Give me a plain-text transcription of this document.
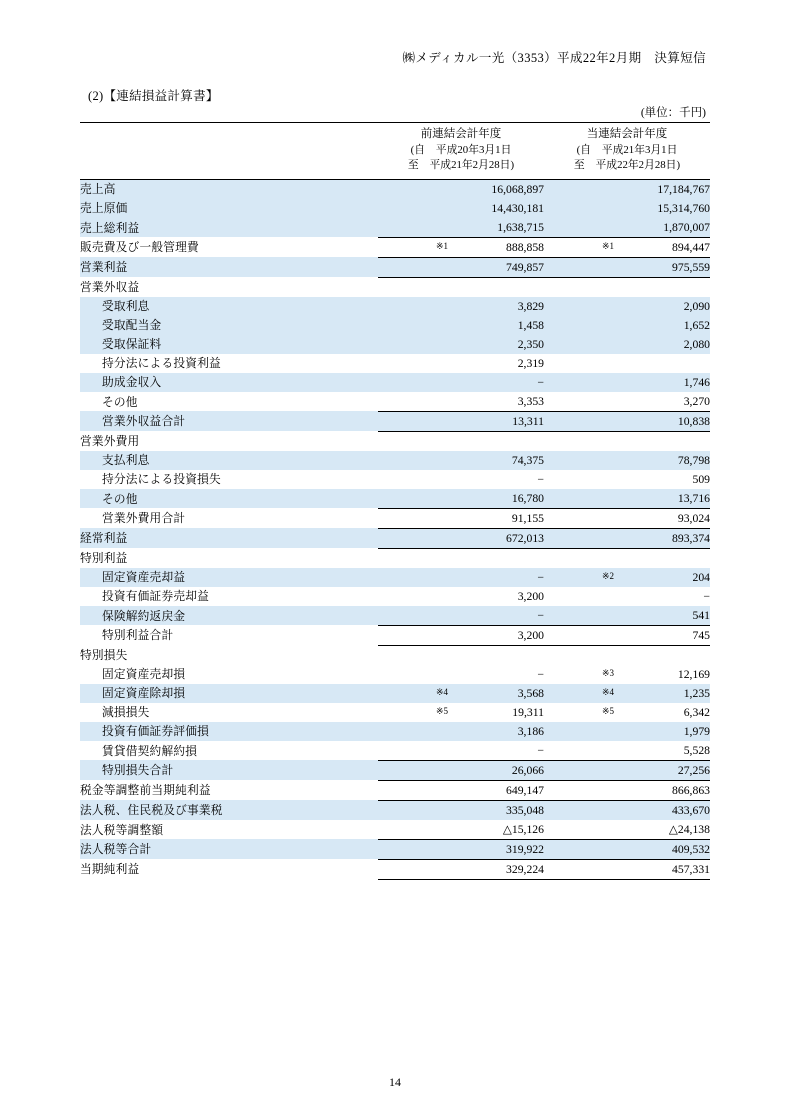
㈱メディカル一光（3353）平成22年2月期　決算短信
(2)【連結損益計算書】
(単位：千円)

	前連結会計年度
(自　平成20年3月1日
至　平成21年2月28日)	当連結会計年度
(自　平成21年3月1日
至　平成22年2月28日)

売上高	16,068,897	17,184,767
売上原価	14,430,181	15,314,760
売上総利益	1,638,715	1,870,007
販売費及び一般管理費	※1 888,858	※1 894,447
営業利益	749,857	975,559
営業外収益		
受取利息	3,829	2,090
受取配当金	1,458	1,652
受取保証料	2,350	2,080
持分法による投資利益	2,319	
助成金収入	−	1,746
その他	3,353	3,270
営業外収益合計	13,311	10,838
営業外費用		
支払利息	74,375	78,798
持分法による投資損失	−	509
その他	16,780	13,716
営業外費用合計	91,155	93,024
経常利益	672,013	893,374
特別利益		
固定資産売却益	−	※2 204
投資有価証券売却益	3,200	−
保険解約返戻金	−	541
特別利益合計	3,200	745
特別損失		
固定資産売却損	−	※3 12,169
固定資産除却損	※4 3,568	※4 1,235
減損損失	※5 19,311	※5 6,342
投資有価証券評価損	3,186	1,979
賃貸借契約解約損	−	5,528
特別損失合計	26,066	27,256
税金等調整前当期純利益	649,147	866,863
法人税、住民税及び事業税	335,048	433,670
法人税等調整額	△15,126	△24,138
法人税等合計	319,922	409,532
当期純利益	329,224	457,331
14
